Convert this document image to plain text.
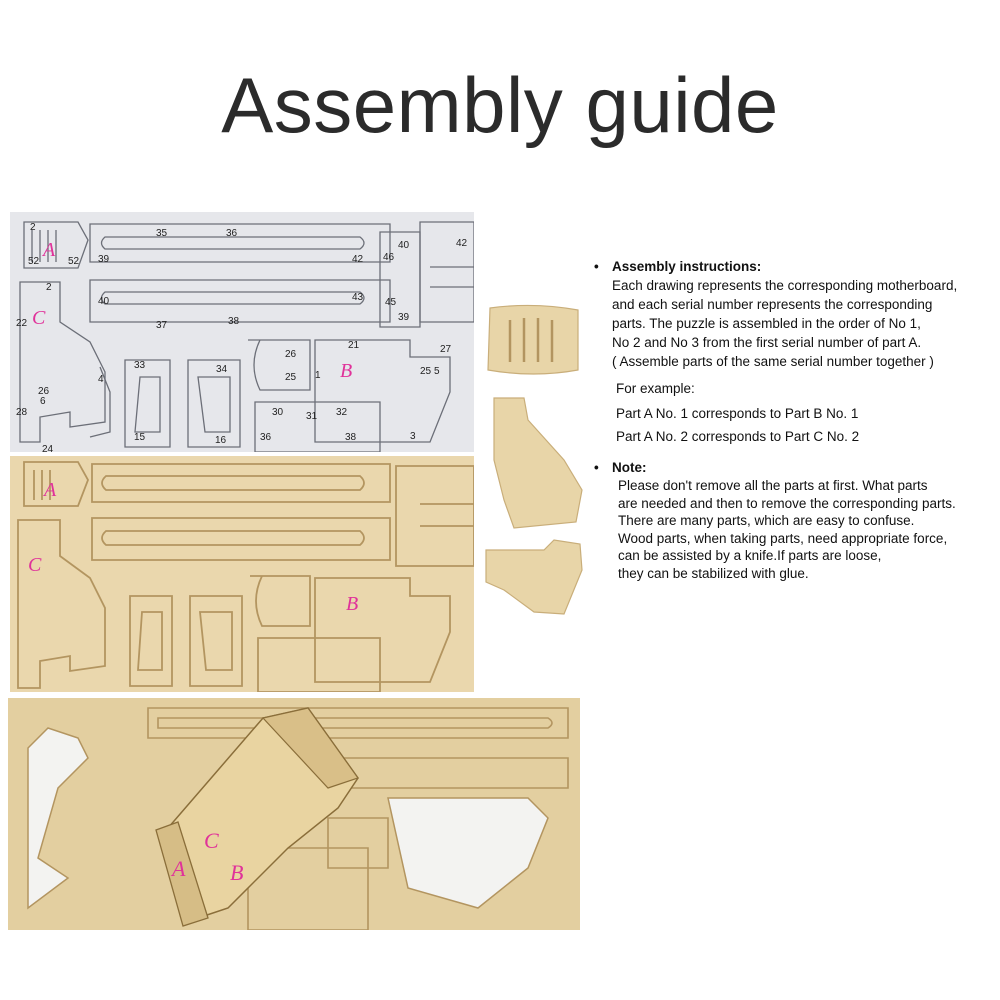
Assembly guide
A
C
B
2
52	52
22
2
26
6
28
4
24
35	36
39	42
40	43
37	38
33	34
15	16
26
25 1
21	27
30 31 32
36	38
40
46
45
39
42
25 5
3
A
C
B
C
A B
• Assembly instructions:
Each drawing represents the corresponding motherboard,
and each serial number represents the corresponding
parts. The puzzle is assembled in the order of No 1,
No 2 and No 3 from the first serial number of part A.
( Assemble parts of the same serial number together )
For example:
Part A No. 1 corresponds to Part B No. 1
Part A No. 2 corresponds to Part C No. 2
• Note:
Please don't remove all the parts at first. What parts
are needed and then to remove the corresponding parts.
There are many parts, which are easy to confuse.
Wood parts, when taking parts, need appropriate force,
can be assisted by a knife.If parts are loose,
they can be stabilized with glue.
